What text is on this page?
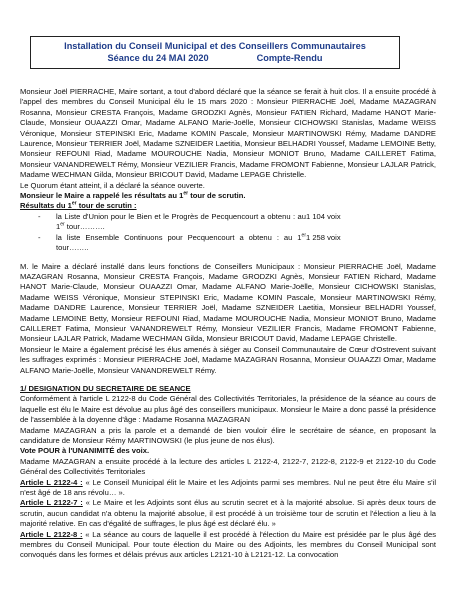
Installation du Conseil Municipal et des Conseillers Communautaires
Séance du 24 MAI 2020	Compte-Rendu

Monsieur Joël PIERRACHE, Maire sortant, a tout d'abord déclaré que la séance se ferait à huit clos. Il a ensuite procédé à l'appel des membres du Conseil Municipal élu le 15 mars 2020 : Monsieur PIERRACHE Joël, Madame MAZAGRAN Rosanna, Monsieur CRESTA François, Madame GRODZKI Agnès, Monsieur FATIEN Richard, Madame HANOT Marie-Claude, Monsieur OUAAZZI Omar, Madame ALFANO Marie-Joëlle, Monsieur CICHOWSKI Stanislas, Madame WEISS Véronique, Monsieur STEPINSKI Eric, Madame KOMIN Pascale, Monsieur MARTINOWSKI Rémy, Madame DANDRE Laurence, Monsieur TERRIER Joël, Madame SZNEIDER Laetitia, Monsieur BELHADRI Youssef, Madame LEMOINE Betty, Monsieur REFOUNI Riad, Madame MOUROUCHE Nadia, Monsieur MONIOT Bruno, Madame CAILLERET Fatima, Monsieur VANANDREWELT Rémy, Monsieur VEZILIER Francis, Madame FROMONT Fabienne, Monsieur LAJLAR Patrick, Madame WECHMAN Gilda, Monsieur BRICOUT David, Madame LEPAGE Christelle.

Le Quorum étant atteint, il a déclaré la séance ouverte.

Monsieur le Maire a rappelé les résultats au 1er tour de scrutin.

Résultats du 1er tour de scrutin :

-	la Liste d'Union pour le Bien et le Progrès de Pecquencourt a obtenu : au 1er tour……….
1 104 voix
-	la liste Ensemble Continuons pour Pecquencourt a obtenu : au 1er tour……..
1 258 voix

M. le Maire a déclaré installé dans leurs fonctions de Conseillers Municipaux : Monsieur PIERRACHE Joël, Madame MAZAGRAN Rosanna, Monsieur CRESTA François, Madame GRODZKI Agnès, Monsieur FATIEN Richard, Madame HANOT Marie-Claude, Monsieur OUAAZZI Omar, Madame ALFANO Marie-Joëlle, Monsieur CICHOWSKI Stanislas, Madame WEISS Véronique, Monsieur STEPINSKI Eric, Madame KOMIN Pascale, Monsieur MARTINOWSKI Rémy, Madame DANDRE Laurence, Monsieur TERRIER Joël, Madame SZNEIDER Laetitia, Monsieur BELHADRI Youssef, Madame LEMOINE Betty, Monsieur REFOUNI Riad, Madame MOUROUCHE Nadia, Monsieur MONIOT Bruno, Madame CAILLERET Fatima, Monsieur VANANDREWELT Rémy, Monsieur VEZILIER Francis, Madame FROMONT Fabienne, Monsieur LAJLAR Patrick, Madame WECHMAN Gilda, Monsieur BRICOUT David, Madame LEPAGE Christelle.

Monsieur le Maire a également précisé les élus amenés à siéger au Conseil Communautaire de Cœur d'Ostrevent suivant les suffrages exprimés : Monsieur PIERRACHE Joël, Madame MAZAGRAN Rosanna, Monsieur OUAAZZI Omar, Madame ALFANO Marie-Joëlle, Monsieur VANANDREWELT Rémy.

1/ DESIGNATION DU SECRETAIRE DE SEANCE

Conformément à l'article L 2122-8 du Code Général des Collectivités Territoriales, la présidence de la séance au cours de laquelle est élu le Maire est dévolue au plus âgé des conseillers municipaux. Monsieur le Maire a donc passé la présidence de l'assemblée à la doyenne d'âge : Madame Rosanna MAZAGRAN

Madame MAZAGRAN a pris la parole et a demandé de bien vouloir élire le secrétaire de séance, en proposant la candidature de Monsieur Rémy MARTINOWSKI (le plus jeune de nos élus).

Vote POUR à l'UNANIMITÉ des voix.

Madame MAZAGRAN a ensuite procédé à la lecture des articles L 2122-4, 2122-7, 2122-8, 2122-9 et 2122-10 du Code Général des Collectivités Territoriales

Article L 2122-4 : « Le Conseil Municipal élit le Maire et les Adjoints parmi ses membres. Nul ne peut être élu Maire s'il n'est âgé de 18 ans révolu… ».

Article L 2122-7 : « Le Maire et les Adjoints sont élus au scrutin secret et à la majorité absolue. Si après deux tours de scrutin, aucun candidat n'a obtenu la majorité absolue, il est procédé à un troisième tour de scrutin et l'élection a lieu à la majorité relative. En cas d'égalité de suffrages, le plus âgé est déclaré élu. »

Article L 2122-8 : « La séance au cours de laquelle il est procédé à l'élection du Maire est présidée par le plus âgé des membres du Conseil Municipal. Pour toute élection du Maire ou des Adjoints, les membres du Conseil Municipal sont convoqués dans les formes et délais prévus aux articles L2121-10 à L2121-12. La convocation
